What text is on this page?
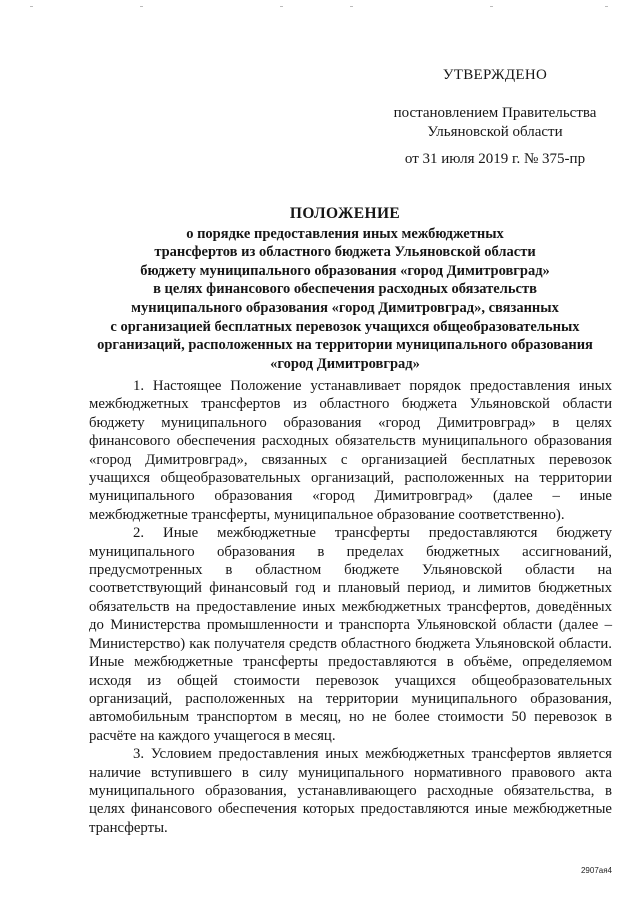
УТВЕРЖДЕНО
постановлением Правительства
Ульяновской области
от 31 июля 2019 г. № 375-пр
ПОЛОЖЕНИЕ
о порядке предоставления иных межбюджетных
трансфертов из областного бюджета Ульяновской области
бюджету муниципального образования «город Димитровград»
в целях финансового обеспечения расходных обязательств
муниципального образования «город Димитровград», связанных
с организацией бесплатных перевозок учащихся общеобразовательных
организаций, расположенных на территории муниципального образования
«город Димитровград»

1. Настоящее Положение устанавливает порядок предоставления иных межбюджетных трансфертов из областного бюджета Ульяновской области бюджету муниципального образования «город Димитровград» в целях финансового обеспечения расходных обязательств муниципального образования «город Димитровград», связанных с организацией бесплатных перевозок учащихся общеобразовательных организаций, расположенных на территории муниципального образования «город Димитровград» (далее – иные межбюджетные трансферты, муниципальное образование соответственно).

2. Иные межбюджетные трансферты предоставляются бюджету муниципального образования в пределах бюджетных ассигнований, предусмотренных в областном бюджете Ульяновской области на соответствующий финансовый год и плановый период, и лимитов бюджетных обязательств на предоставление иных межбюджетных трансфертов, доведённых до Министерства промышленности и транспорта Ульяновской области (далее – Министерство) как получателя средств областного бюджета Ульяновской области. Иные межбюджетные трансферты предоставляются в объёме, определяемом исходя из общей стоимости перевозок учащихся общеобразовательных организаций, расположенных на территории муниципального образования, автомобильным транспортом в месяц, но не более стоимости 50 перевозок в расчёте на каждого учащегося в месяц.

3. Условием предоставления иных межбюджетных трансфертов является наличие вступившего в силу муниципального нормативного правового акта муниципального образования, устанавливающего расходные обязательства, в целях финансового обеспечения которых предоставляются иные межбюджетные трансферты.

2907ая4
